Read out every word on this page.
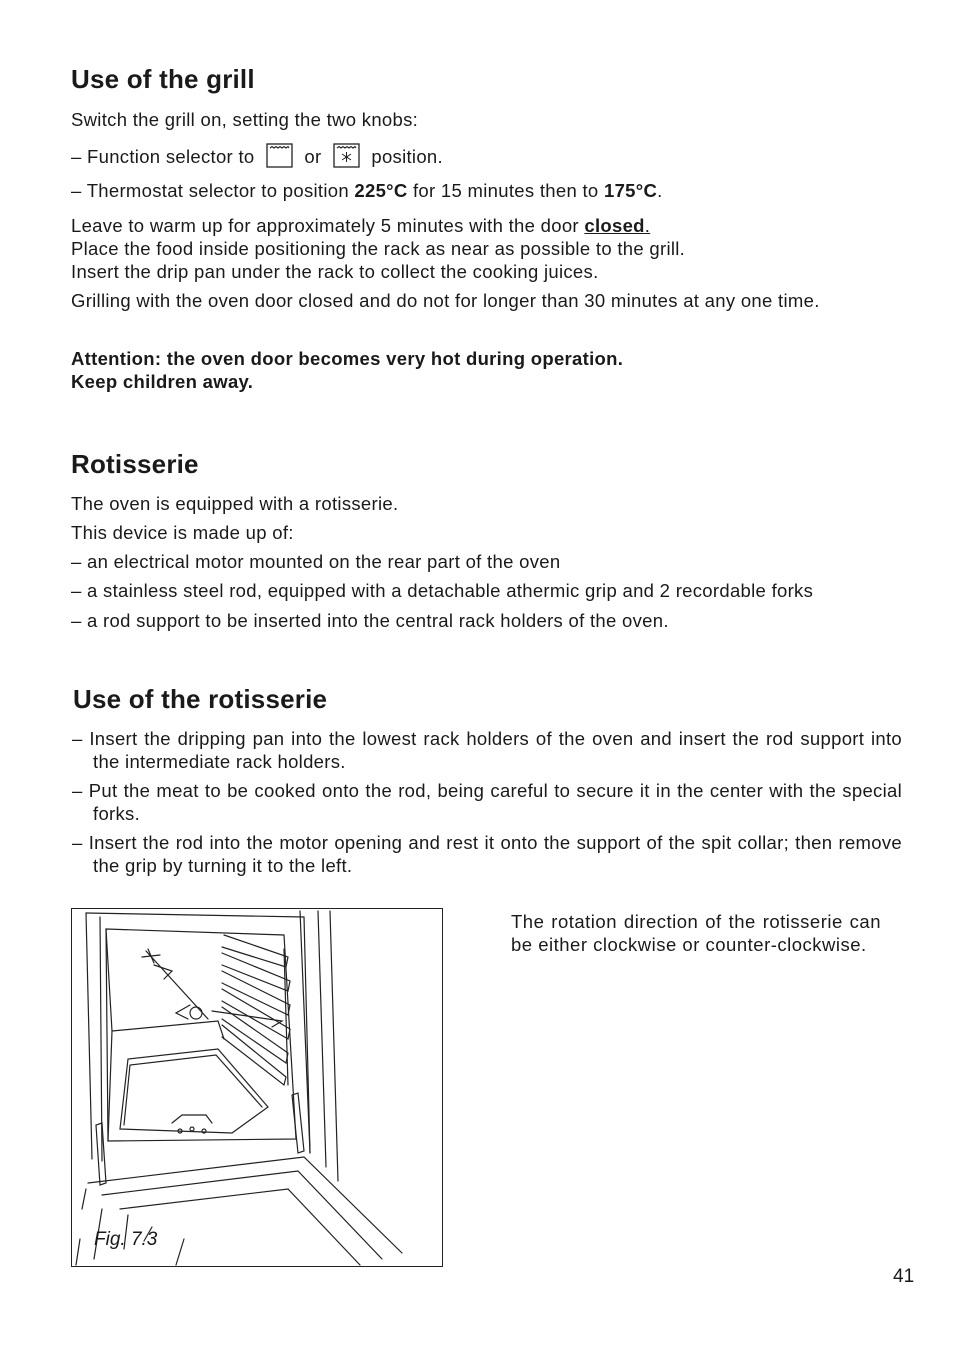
Use of the grill

Switch the grill on, setting the two knobs:

– Function selector to	or	position.

– Thermostat selector to position 225°C for 15 minutes then to 175°C.

Leave to warm up for approximately 5 minutes with the door closed.
Place the food inside positioning the rack as near as possible to the grill.
Insert the drip pan under the rack to collect the cooking juices.

Grilling with the oven door closed and do not for longer than 30 minutes at any one time.

Attention: the oven door becomes very hot during operation.
Keep children away.

Rotisserie

The oven is equipped with a rotisserie.

This device is made up of:

– an electrical motor mounted on the rear part of the oven

– a stainless steel rod, equipped with a detachable athermic grip and 2 recordable forks

– a rod support to be inserted into the central rack holders of the oven.

Use of the rotisserie

– Insert the dripping pan into the lowest rack holders of the oven and insert the rod support into the intermediate rack holders.

– Put the meat to be cooked onto the rod, being careful to secure it in the center with the special forks.

– Insert the rod into the motor opening and rest it onto the support of the spit collar; then remove the grip by turning it to the left.

Fig. 7.3

The rotation direction of the rotisserie can be either clockwise or counter-clockwise.

41
